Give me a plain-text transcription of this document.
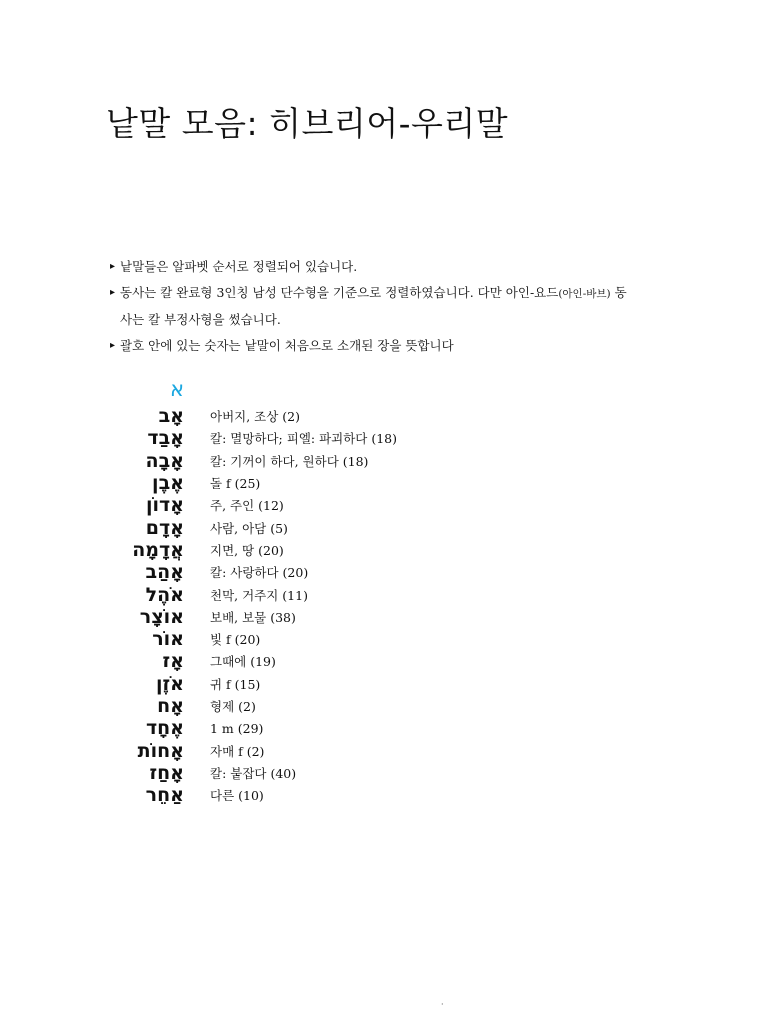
낱말 모음: 히브리어-우리말
▸ 낱말들은 알파벳 순서로 정렬되어 있습니다.
▸ 동사는 칼 완료형 3인칭 남성 단수형을 기준으로 정렬하였습니다. 다만 아인-요드(아인-바브) 동
사는 칼 부정사형을 썼습니다.
▸ 괄호 안에 있는 숫자는 낱말이 처음으로 소개된 장을 뜻합니다
א
אָב 아버지, 조상 (2)
אָבַד 칼: 멸망하다; 피엘: 파괴하다 (18)
אָבָה 칼: 기꺼이 하다, 원하다 (18)
אֶבֶן 돌 f (25)
אָדוֹן 주, 주인 (12)
אָדָם 사람, 아담 (5)
אֲדָמָה 지면, 땅 (20)
אָהַב 칼: 사랑하다 (20)
אֹהֶל 천막, 거주지 (11)
אוֹצָר 보배, 보물 (38)
אוֹר 빛 f (20)
אָז 그때에 (19)
אֹזֶן 귀 f (15)
אָח 형제 (2)
אֶחָד 1 m (29)
אָחוֹת 자매 f (2)
אָחַז 칼: 붙잡다 (40)
אַחֵר 다른 (10)
·
